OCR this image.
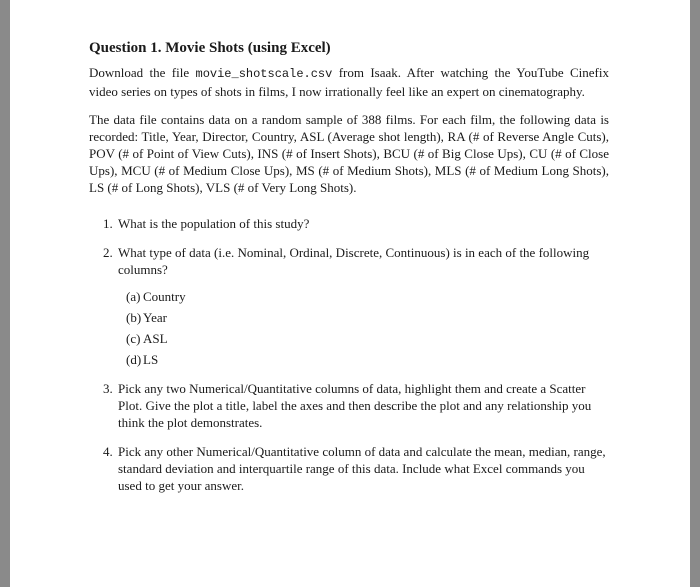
Question 1. Movie Shots (using Excel)

Download the file movie_shotscale.csv from Isaak. After watching the YouTube Cinefix video series on types of shots in films, I now irrationally feel like an expert on cinematography.

The data file contains data on a random sample of 388 films. For each film, the following data is recorded: Title, Year, Director, Country, ASL (Average shot length), RA (# of Reverse Angle Cuts), POV (# of Point of View Cuts), INS (# of Insert Shots), BCU (# of Big Close Ups), CU (# of Close Ups), MCU (# of Medium Close Ups), MS (# of Medium Shots), MLS (# of Medium Long Shots), LS (# of Long Shots), VLS (# of Very Long Shots).

1. What is the population of this study?
2. What type of data (i.e. Nominal, Ordinal, Discrete, Continuous) is in each of the following columns?
(a) Country
(b) Year
(c) ASL
(d) LS
3. Pick any two Numerical/Quantitative columns of data, highlight them and create a Scatter Plot. Give the plot a title, label the axes and then describe the plot and any relationship you think the plot demonstrates.
4. Pick any other Numerical/Quantitative column of data and calculate the mean, median, range, standard deviation and interquartile range of this data. Include what Excel commands you used to get your answer.
